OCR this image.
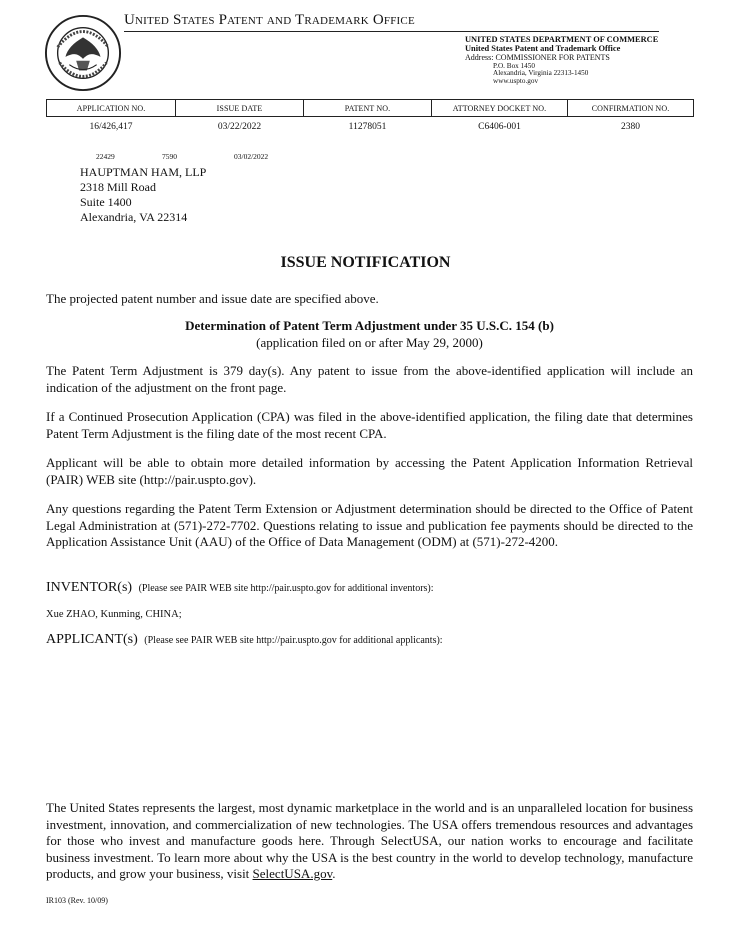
United States Patent and Trademark Office
UNITED STATES DEPARTMENT OF COMMERCE
United States Patent and Trademark Office
Address: COMMISSIONER FOR PATENTS
P.O. Box 1450
Alexandria, Virginia 22313-1450
www.uspto.gov
APPLICATION NO.	ISSUE DATE	PATENT NO.	ATTORNEY DOCKET NO.	CONFIRMATION NO.
16/426,417	03/22/2022	11278051	C6406-001	2380
22429	7590	03/02/2022
HAUPTMAN HAM, LLP
2318 Mill Road
Suite 1400
Alexandria, VA 22314
ISSUE NOTIFICATION

The projected patent number and issue date are specified above.

Determination of Patent Term Adjustment under 35 U.S.C. 154 (b)

(application filed on or after May 29, 2000)

The Patent Term Adjustment is 379 day(s). Any patent to issue from the above-identified application will include an indication of the adjustment on the front page.

If a Continued Prosecution Application (CPA) was filed in the above-identified application, the filing date that determines Patent Term Adjustment is the filing date of the most recent CPA.

Applicant will be able to obtain more detailed information by accessing the Patent Application Information Retrieval (PAIR) WEB site (http://pair.uspto.gov).

Any questions regarding the Patent Term Extension or Adjustment determination should be directed to the Office of Patent Legal Administration at (571)-272-7702. Questions relating to issue and publication fee payments should be directed to the Application Assistance Unit (AAU) of the Office of Data Management (ODM) at (571)-272-4200.

INVENTOR(s) (Please see PAIR WEB site http://pair.uspto.gov for additional inventors):

Xue ZHAO, Kunming, CHINA;

APPLICANT(s) (Please see PAIR WEB site http://pair.uspto.gov for additional applicants):

The United States represents the largest, most dynamic marketplace in the world and is an unparalleled location for business investment, innovation, and commercialization of new technologies. The USA offers tremendous resources and advantages for those who invest and manufacture goods here. Through SelectUSA, our nation works to encourage and facilitate business investment. To learn more about why the USA is the best country in the world to develop technology, manufacture products, and grow your business, visit SelectUSA.gov.

IR103 (Rev. 10/09)
